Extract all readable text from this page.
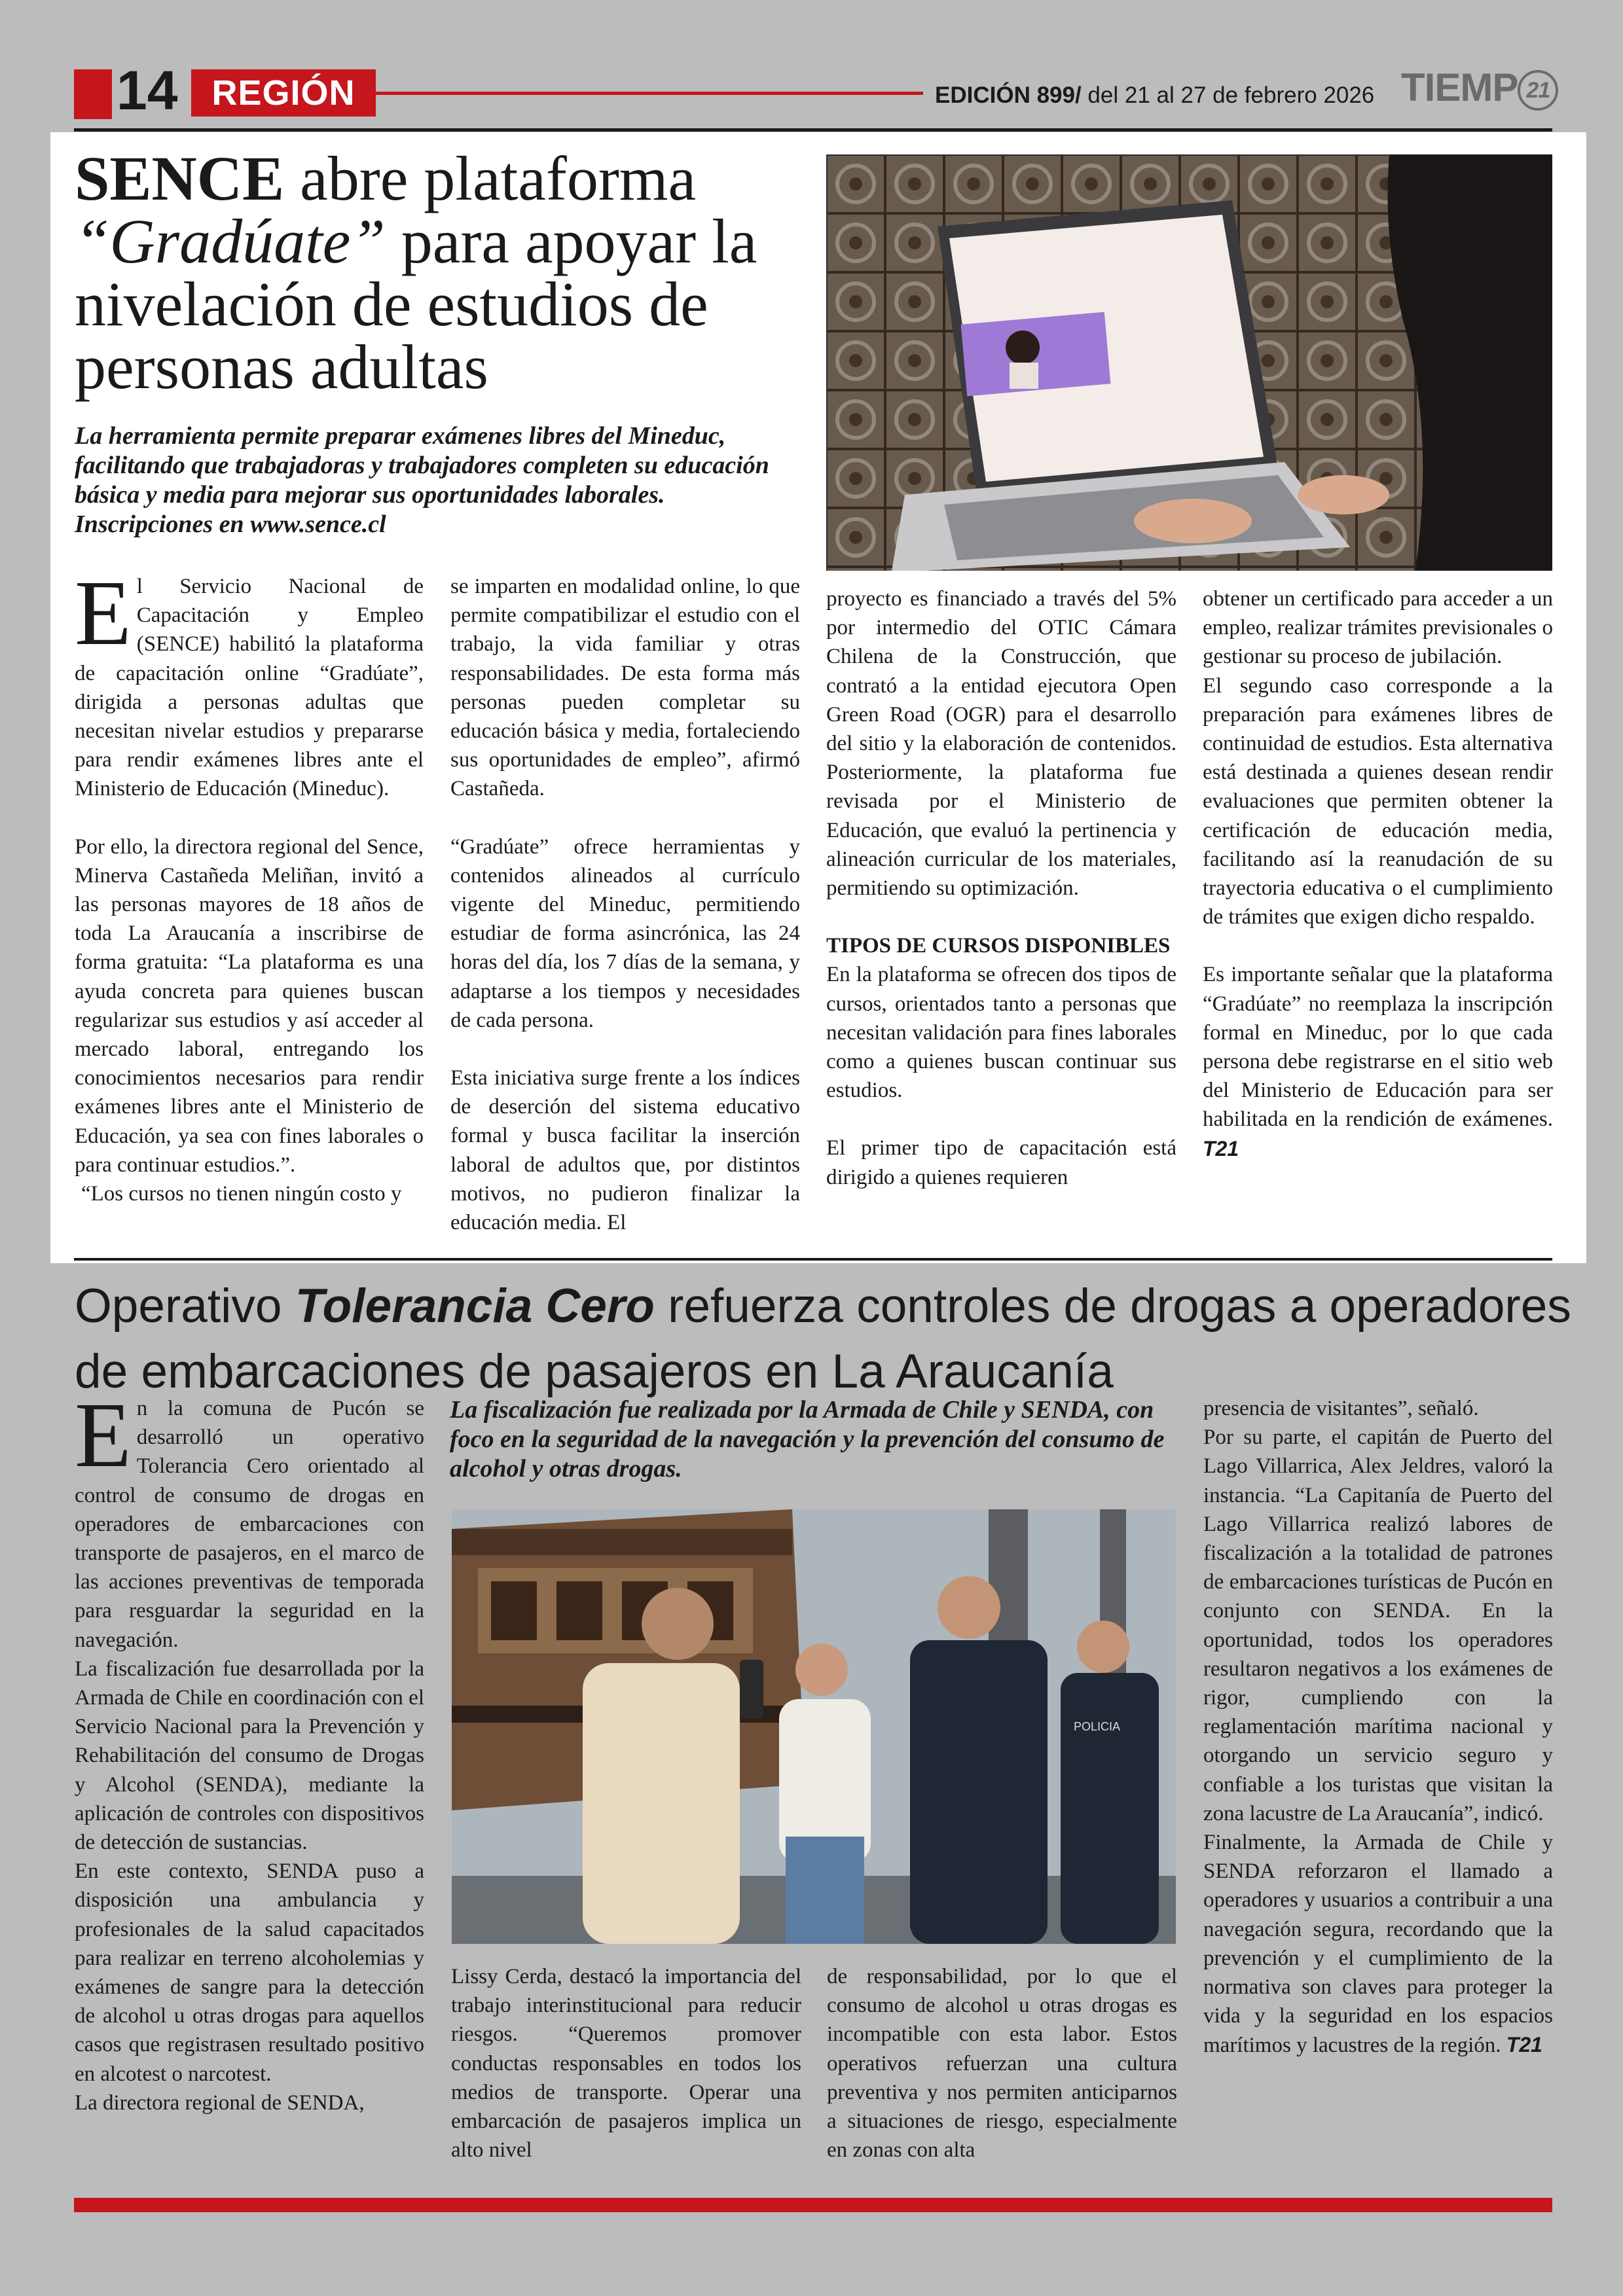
14 REGIÓN	EDICIÓN 899/ del 21 al 27 de febrero 2026 TIEMP 21
SENCE abre plataforma
“Gradúate” para apoyar la nivelación de estudios de personas adultas
La herramienta permite preparar exámenes libres del Mineduc, facilitando que trabajadoras y trabajadores completen su educación básica y media para mejorar sus oportunidades laborales. Inscripciones en www.sence.cl
E l Servicio Nacional de Capacitación y Empleo (SENCE) habilitó la plataforma de capacitación online “Gradúate”, dirigida a personas adultas que necesitan nivelar estudios y prepararse para rendir exámenes libres ante el Ministerio de Educación (Mineduc).

Por ello, la directora regional del Sence, Minerva Castañeda Meliñan, invitó a las personas mayores de 18 años de toda La Araucanía a inscribirse de forma gratuita: “La plataforma es una ayuda concreta para quienes buscan regularizar sus estudios y así acceder al mercado laboral, entregando los conocimientos necesarios para rendir exámenes libres ante el Ministerio de Educación, ya sea con fines laborales o para continuar estudios.”.

“Los cursos no tienen ningún costo y

se imparten en modalidad online, lo que permite compatibilizar el estudio con el trabajo, la vida familiar y otras responsabilidades. De esta forma más personas pueden completar su educación básica y media, fortaleciendo sus oportunidades de empleo”, afirmó Castañeda.

“Gradúate” ofrece herramientas y contenidos alineados al currículo vigente del Mineduc, permitiendo estudiar de forma asincrónica, las 24 horas del día, los 7 días de la semana, y adaptarse a los tiempos y necesidades de cada persona.

Esta iniciativa surge frente a los índices de deserción del sistema educativo formal y busca facilitar la inserción laboral de adultos que, por distintos motivos, no pudieron finalizar la educación media. El

proyecto es financiado a través del 5% por intermedio del OTIC Cámara Chilena de la Construcción, que contrató a la entidad ejecutora Open Green Road (OGR) para el desarrollo del sitio y la elaboración de contenidos. Posteriormente, la plataforma fue revisada por el Ministerio de Educación, que evaluó la pertinencia y alineación curricular de los materiales, permitiendo su optimización.

TIPOS DE CURSOS DISPONIBLES

En la plataforma se ofrecen dos tipos de cursos, orientados tanto a personas que necesitan validación para fines laborales como a quienes buscan continuar sus estudios.

El primer tipo de capacitación está dirigido a quienes requieren

obtener un certificado para acceder a un empleo, realizar trámites previsionales o gestionar su proceso de jubilación.

El segundo caso corresponde a la preparación para exámenes libres de continuidad de estudios. Esta alternativa está destinada a quienes desean rendir evaluaciones que permiten obtener la certificación de educación media, facilitando así la reanudación de su trayectoria educativa o el cumplimiento de trámites que exigen dicho respaldo.

Es importante señalar que la plataforma “Gradúate” no reemplaza la inscripción formal en Mineduc, por lo que cada persona debe registrarse en el sitio web del Ministerio de Educación para ser habilitada en la rendición de exámenes. T21

Operativo Tolerancia Cero refuerza controles de drogas a operadores de embarcaciones de pasajeros en La Araucanía
La fiscalización fue realizada por la Armada de Chile y SENDA, con foco en la seguridad de la navegación y la prevención del consumo de alcohol y otras drogas.
POLICIA
E n la comuna de Pucón se desarrolló un operativo Tolerancia Cero orientado al control de consumo de drogas en operadores de embarcaciones con transporte de pasajeros, en el marco de las acciones preventivas de temporada para resguardar la seguridad en la navegación.

La fiscalización fue desarrollada por la Armada de Chile en coordinación con el Servicio Nacional para la Prevención y Rehabilitación del consumo de Drogas y Alcohol (SENDA), mediante la aplicación de controles con dispositivos de detección de sustancias.

En este contexto, SENDA puso a disposición una ambulancia y profesionales de la salud capacitados para realizar en terreno alcoholemias y exámenes de sangre para la detección de alcohol u otras drogas para aquellos casos que registrasen resultado positivo en alcotest o narcotest.

La directora regional de SENDA,

Lissy Cerda, destacó la importancia del trabajo interinstitucional para reducir riesgos. “Queremos promover conductas responsables en todos los medios de transporte. Operar una embarcación de pasajeros implica un alto nivel

de responsabilidad, por lo que el consumo de alcohol u otras drogas es incompatible con esta labor. Estos operativos refuerzan una cultura preventiva y nos permiten anticiparnos a situaciones de riesgo, especialmente en zonas con alta

presencia de visitantes”, señaló.

Por su parte, el capitán de Puerto del Lago Villarrica, Alex Jeldres, valoró la instancia. “La Capitanía de Puerto del Lago Villarrica realizó labores de fiscalización a la totalidad de patrones de embarcaciones turísticas de Pucón en conjunto con SENDA. En la oportunidad, todos los operadores resultaron negativos a los exámenes de rigor, cumpliendo con la reglamentación marítima nacional y otorgando un servicio seguro y confiable a los turistas que visitan la zona lacustre de La Araucanía”, indicó.

Finalmente, la Armada de Chile y SENDA reforzaron el llamado a operadores y usuarios a contribuir a una navegación segura, recordando que la prevención y el cumplimiento de la normativa son claves para proteger la vida y la seguridad en los espacios marítimos y lacustres de la región. T21
